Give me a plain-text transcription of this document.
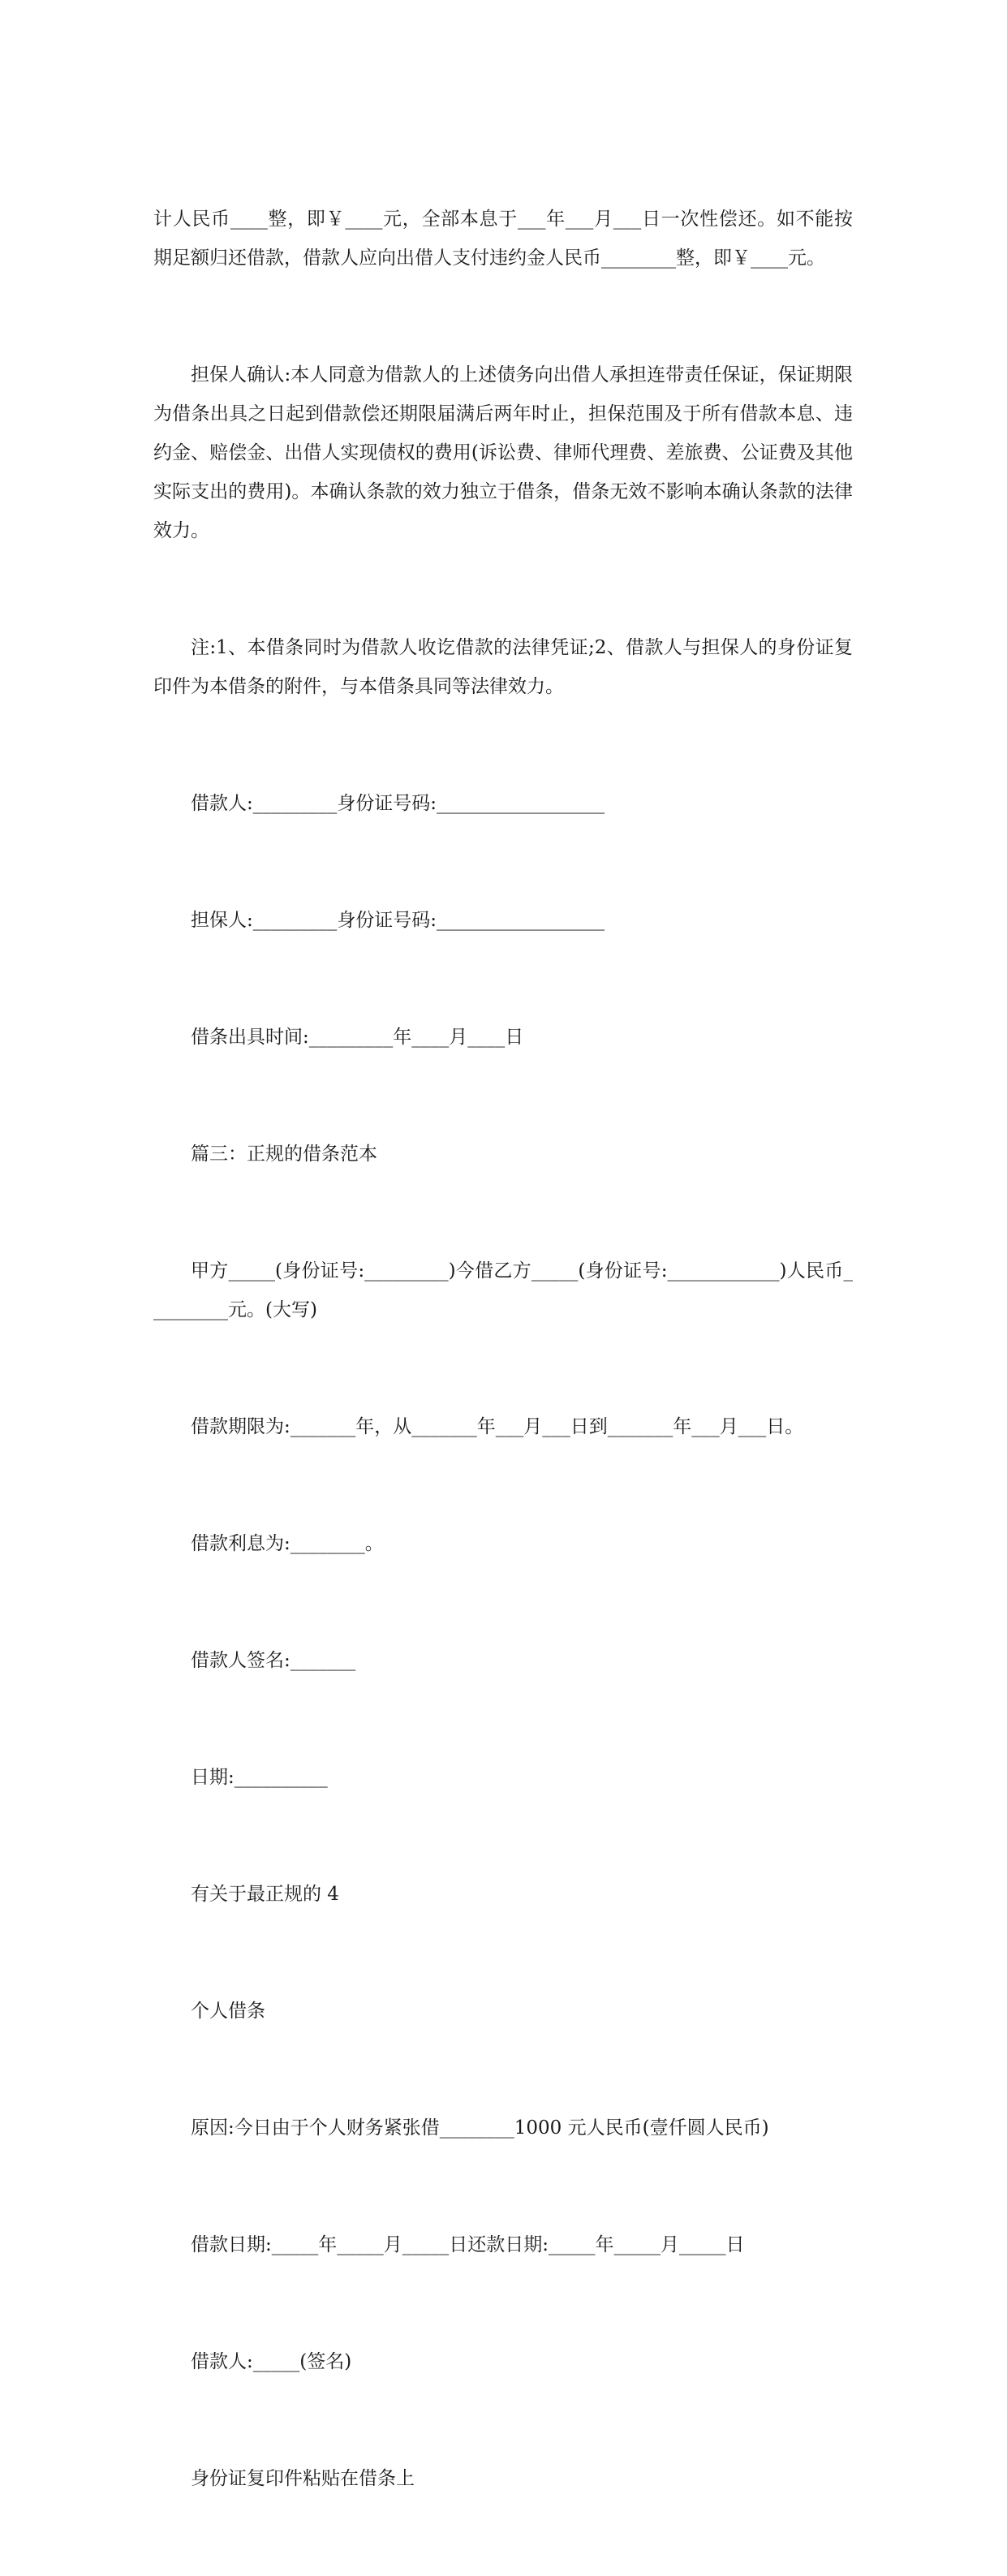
计人民币____整，即￥____元，全部本息于___年___月___日一次性偿还。如不能按期足额归还借款，借款人应向出借人支付违约金人民币________整，即￥____元。

担保人确认:本人同意为借款人的上述债务向出借人承担连带责任保证，保证期限为借条出具之日起到借款偿还期限届满后两年时止，担保范围及于所有借款本息、违约金、赔偿金、出借人实现债权的费用(诉讼费、律师代理费、差旅费、公证费及其他实际支出的费用)。本确认条款的效力独立于借条，借条无效不影响本确认条款的法律效力。

注:1、本借条同时为借款人收讫借款的法律凭证;2、借款人与担保人的身份证复印件为本借条的附件，与本借条具同等法律效力。

借款人:_________身份证号码:__________________

担保人:_________身份证号码:__________________

借条出具时间:_________年____月____日

篇三：正规的借条范本

甲方_____(身份证号:_________)今借乙方_____(身份证号:____________)人民币_________元。(大写)

借款期限为:_______年，从_______年___月___日到_______年___月___日。

借款利息为:________。

借款人签名:_______

日期:__________

有关于最正规的 4

个人借条

原因:今日由于个人财务紧张借________1000 元人民币(壹仟圆人民币)

借款日期:_____年_____月_____日还款日期:_____年_____月_____日

借款人:_____(签名)

身份证复印件粘贴在借条上
